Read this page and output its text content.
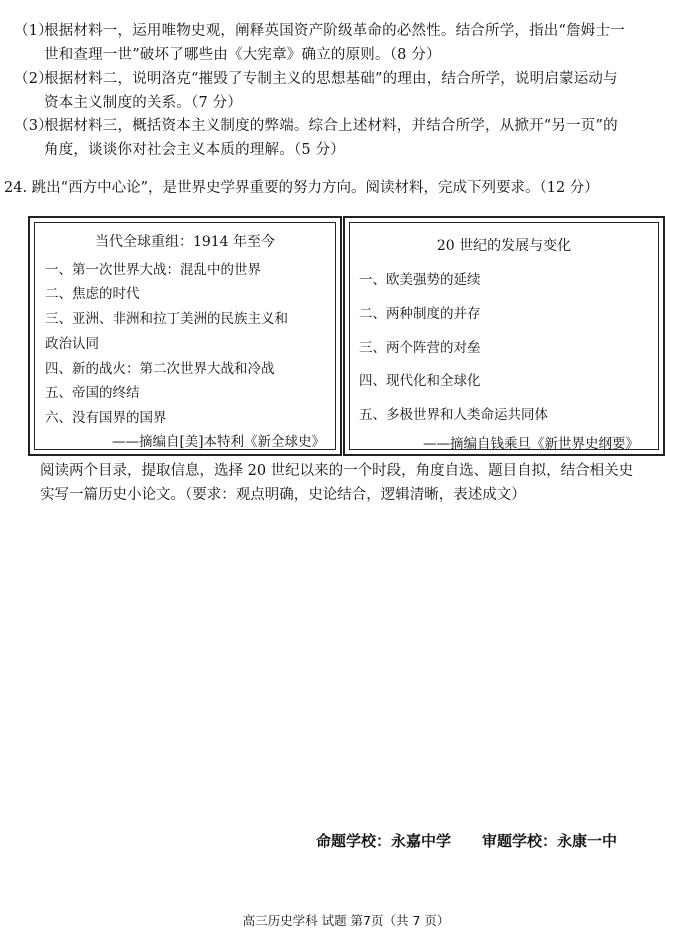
（1）根据材料一，运用唯物史观，阐释英国资产阶级革命的必然性。结合所学，指出“詹姆士一
世和查理一世”破坏了哪些由《大宪章》确立的原则。（8 分）
（2）根据材料二，说明洛克“摧毁了专制主义的思想基础”的理由，结合所学，说明启蒙运动与
资本主义制度的关系。（7 分）
（3）根据材料三，概括资本主义制度的弊端。综合上述材料，并结合所学，从掀开“另一页”的
角度，谈谈你对社会主义本质的理解。（5 分）
24. 跳出“西方中心论”，是世界史学界重要的努力方向。阅读材料，完成下列要求。（12 分）
当代全球重组：1914 年至今
一、第一次世界大战：混乱中的世界
二、焦虑的时代
三、亚洲、非洲和拉丁美洲的民族主义和
政治认同
四、新的战火：第二次世界大战和冷战
五、帝国的终结
六、没有国界的国界
——摘编自[美]本特利《新全球史》
20 世纪的发展与变化
一、欧美强势的延续
二、两种制度的并存
三、两个阵营的对垒
四、现代化和全球化
五、多极世界和人类命运共同体
——摘编自钱乘旦《新世界史纲要》
阅读两个目录，提取信息，选择 20 世纪以来的一个时段，角度自选、题目自拟，结合相关史
实写一篇历史小论文。（要求：观点明确，史论结合，逻辑清晰，表述成文）
命题学校：永嘉中学 审题学校：永康一中
高三历史学科 试题 第7页（共 7 页）
